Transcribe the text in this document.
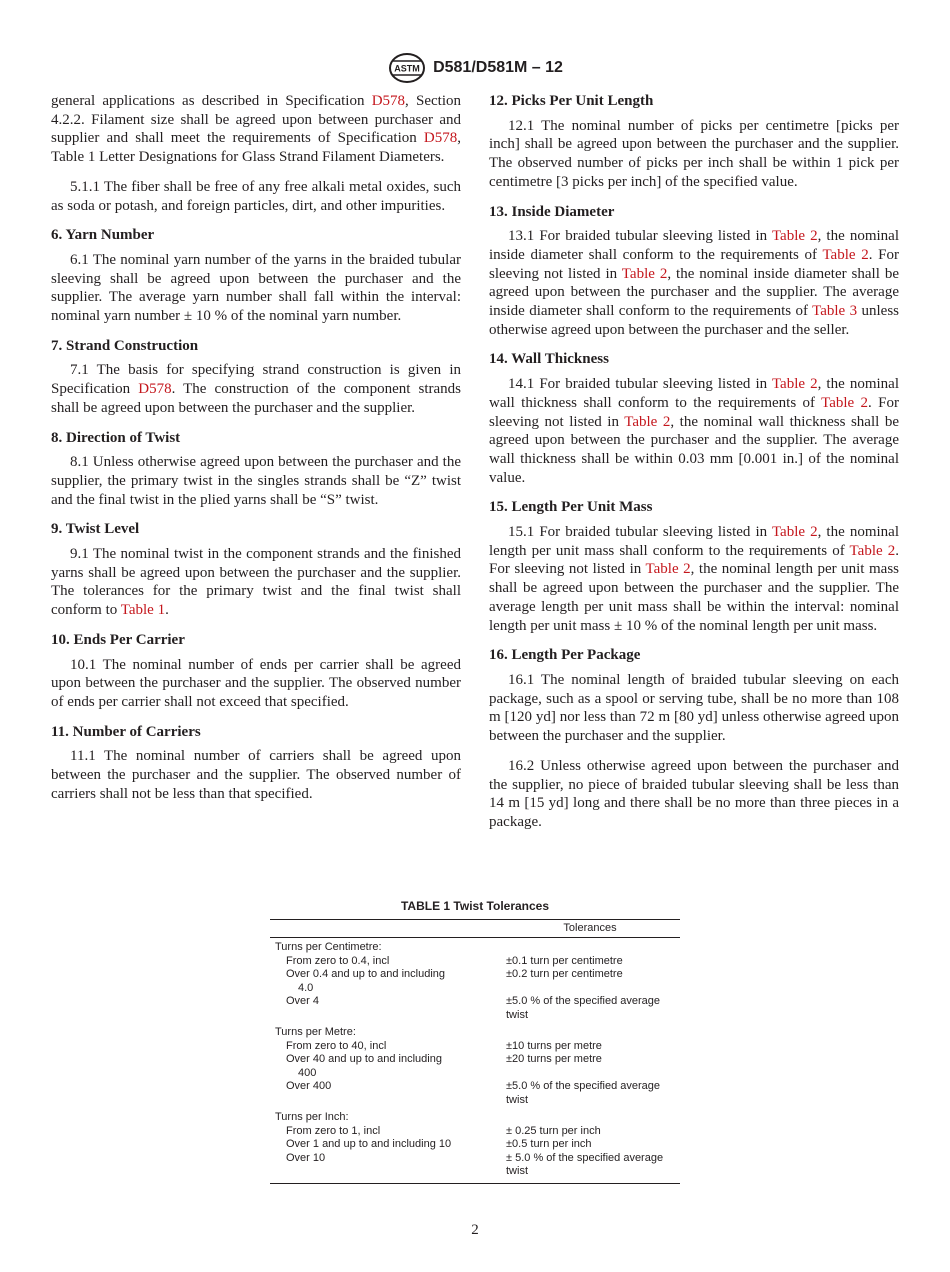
ASTM D581/D581M – 12

general applications as described in Specification D578, Section 4.2.2. Filament size shall be agreed upon between purchaser and supplier and shall meet the requirements of Specification D578, Table 1 Letter Designations for Glass Strand Filament Diameters.

5.1.1 The fiber shall be free of any free alkali metal oxides, such as soda or potash, and foreign particles, dirt, and other impurities.

6. Yarn Number

6.1 The nominal yarn number of the yarns in the braided tubular sleeving shall be agreed upon between the purchaser and the supplier. The average yarn number shall fall within the interval: nominal yarn number ± 10 % of the nominal yarn number.

7. Strand Construction

7.1 The basis for specifying strand construction is given in Specification D578. The construction of the component strands shall be agreed upon between the purchaser and the supplier.

8. Direction of Twist

8.1 Unless otherwise agreed upon between the purchaser and the supplier, the primary twist in the singles strands shall be “Z” twist and the final twist in the plied yarns shall be “S” twist.

9. Twist Level

9.1 The nominal twist in the component strands and the finished yarns shall be agreed upon between the purchaser and the supplier. The tolerances for the primary twist and the final twist shall conform to Table 1.

10. Ends Per Carrier

10.1 The nominal number of ends per carrier shall be agreed upon between the purchaser and the supplier. The observed number of ends per carrier shall not exceed that specified.

11. Number of Carriers

11.1 The nominal number of carriers shall be agreed upon between the purchaser and the supplier. The observed number of carriers shall not be less than that specified.

12. Picks Per Unit Length

12.1 The nominal number of picks per centimetre [picks per inch] shall be agreed upon between the purchaser and the supplier. The observed number of picks per inch shall be within 1 pick per centimetre [3 picks per inch] of the specified value.

13. Inside Diameter

13.1 For braided tubular sleeving listed in Table 2, the nominal inside diameter shall conform to the requirements of Table 2. For sleeving not listed in Table 2, the nominal inside diameter shall be agreed upon between the purchaser and the supplier. The average inside diameter shall conform to the requirements of Table 3 unless otherwise agreed upon between the purchaser and the seller.

14. Wall Thickness

14.1 For braided tubular sleeving listed in Table 2, the nominal wall thickness shall conform to the requirements of Table 2. For sleeving not listed in Table 2, the nominal wall thickness shall be agreed upon between the purchaser and the supplier. The average wall thickness shall be within 0.03 mm [0.001 in.] of the nominal value.

15. Length Per Unit Mass

15.1 For braided tubular sleeving listed in Table 2, the nominal length per unit mass shall conform to the requirements of Table 2. For sleeving not listed in Table 2, the nominal length per unit mass shall be agreed upon between the purchaser and the supplier. The average length per unit mass shall be within the interval: nominal length per unit mass ± 10 % of the nominal length per unit mass.

16. Length Per Package

16.1 The nominal length of braided tubular sleeving on each package, such as a spool or serving tube, shall be no more than 108 m [120 yd] nor less than 72 m [80 yd] unless otherwise agreed upon between the purchaser and the supplier.

16.2 Unless otherwise agreed upon between the purchaser and the supplier, no piece of braided tubular sleeving shall be less than 14 m [15 yd] long and there shall be no more than three pieces in a package.

TABLE 1 Twist Tolerances
	Tolerances
Turns per Centimetre:	
From zero to 0.4, incl	±0.1 turn per centimetre
Over 0.4 and up to and including
4.0	±0.2 turn per centimetre
Over 4	±5.0 % of the specified average
twist

Turns per Metre:	
From zero to 40, incl	±10 turns per metre
Over 40 and up to and including
400	±20 turns per metre
Over 400	±5.0 % of the specified average
twist

Turns per Inch:	
From zero to 1, incl	± 0.25 turn per inch
Over 1 and up to and including 10	±0.5 turn per inch
Over 10	± 5.0 % of the specified average
twist
2
